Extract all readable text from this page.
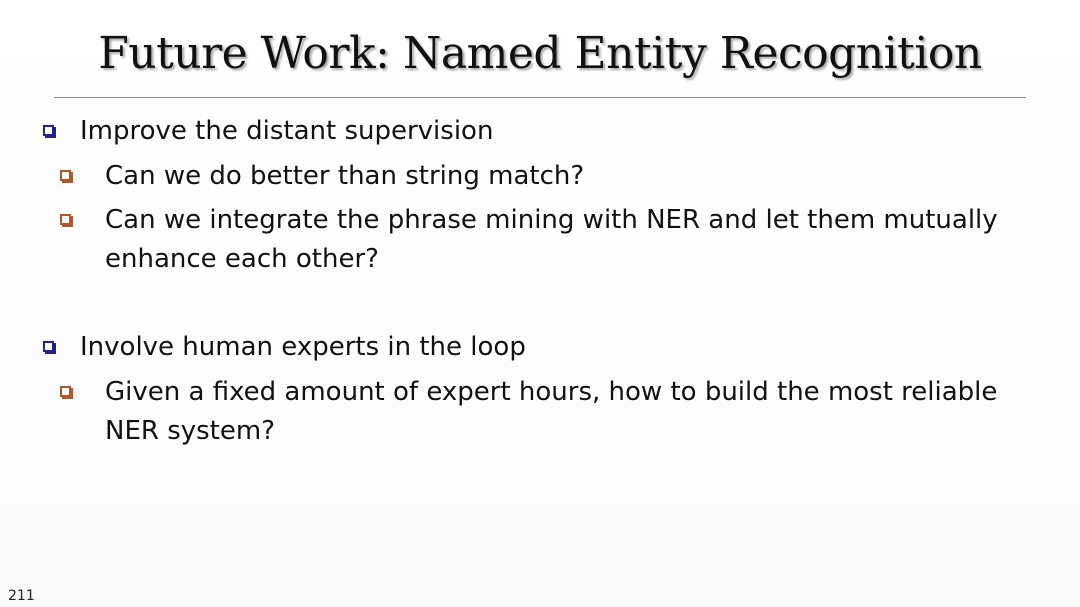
Future Work: Named Entity Recognition
Improve the distant supervision
Can we do better than string match?
Can we integrate the phrase mining with NER and let them mutually
enhance each other?
Involve human experts in the loop
Given a fixed amount of expert hours, how to build the most reliable
NER system?
211
